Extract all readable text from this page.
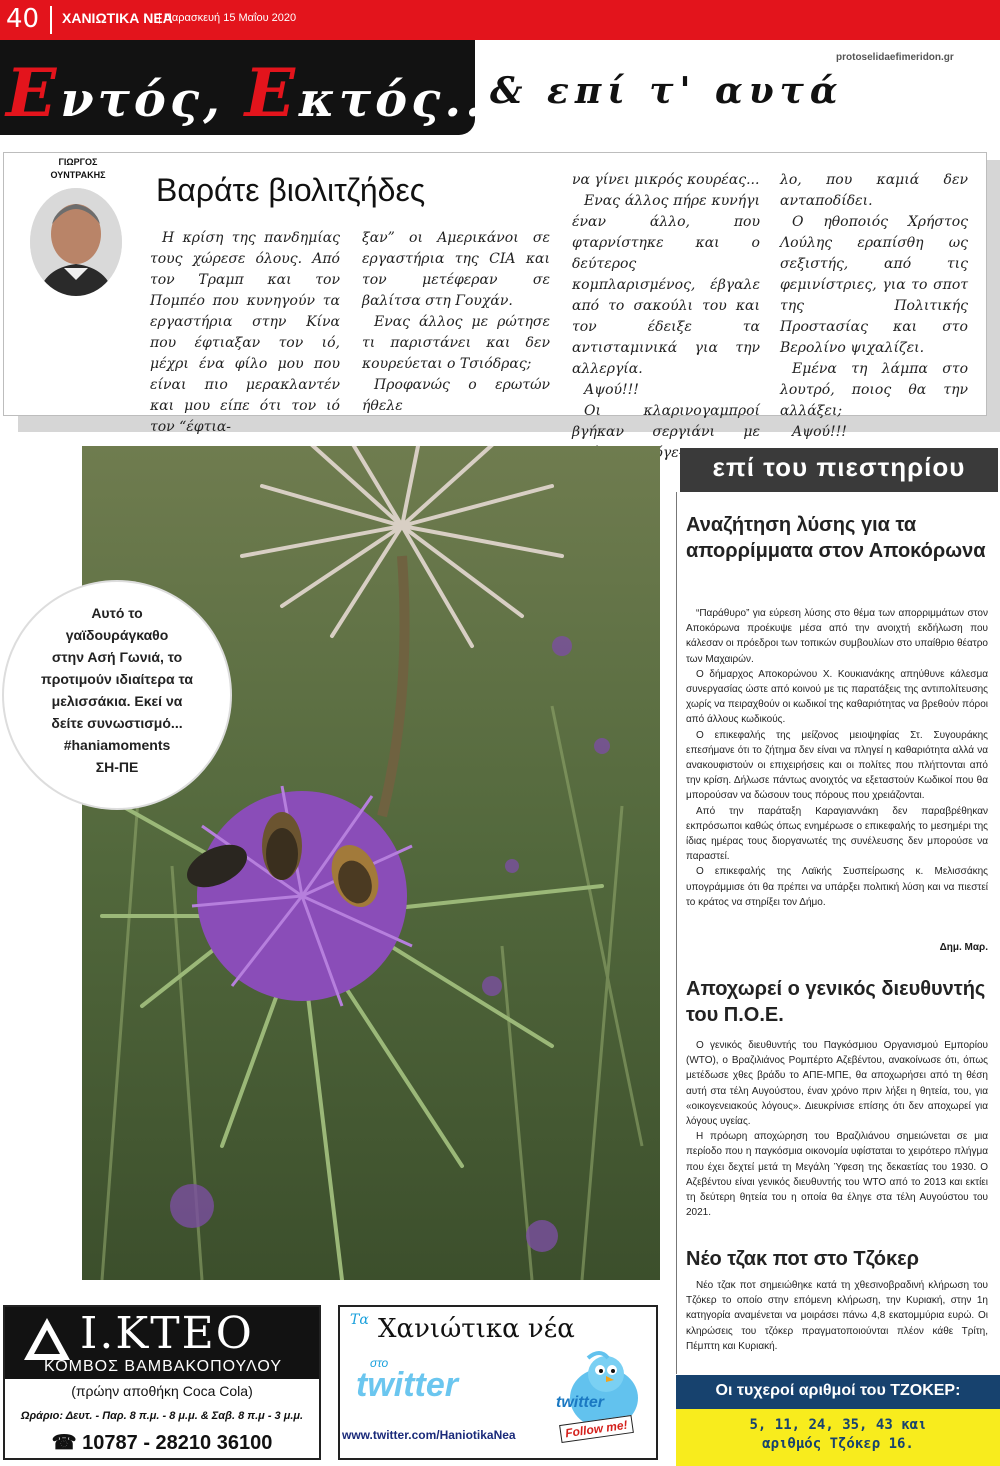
40 ΧΑΝΙΩΤΙΚΑ ΝΕΑ
| Παρασκευή 15 Μαΐου 2020
protoselidaefimeridon.gr
Εντός, Εκτός...
& επί τ' αυτά
ΓΙΩΡΓΟΣ ΟΥΝΤΡΑΚΗΣ	Βαράτε βιολιτζήδες

Η κρίση της πανδημίας τους χώρεσε όλους. Από τον Τραμπ και τον Πομπέο που κυνηγούν τα εργαστήρια στην Κίνα που έφτιαξαν τον ιό, μέχρι ένα φίλο μου που είναι πιο μερακλαντέν και μου είπε ότι τον ιό τον “έφτια-

ξαν” οι Αμερικάνοι σε εργαστήρια της CIA και τον μετέφεραν σε βαλίτσα στη Γουχάν.

Ενας άλλος με ρώτησε τι παριστάνει και δεν κουρεύεται ο Τσιόδρας;

Προφανώς ο ερωτών ήθελε

να γίνει μικρός κουρέας...

Ενας άλλος πήρε κυνήγι έναν άλλο, που φταρνίστηκε και ο δεύτερος κομπλαρισμένος, έβγαλε από το σακούλι του και τον έδειξε τα αντισταμινικά για την αλλεργία.

Αψού!!!

Οι κλαρινογαμπροί βγήκαν σεργιάνι με

λο, που καμιά δεν ανταποδίδει.

Ο ηθοποιός Χρήστος Λούλης εραπίσθη ως σεξιστής, από τις φεμινίστριες, για το σποτ της Πολιτικής Προστασίας και στο Βερολίνο ψιχαλίζει.

Εμένα τη λάμπα στο λουτρό, ποιος θα την αλλάξει;

Αψού!!!

Αυτό το
γαϊδουράγκαθο
στην Ασή Γωνιά, το
προτιμούν ιδιαίτερα τα
μελισσάκια. Εκεί να
δείτε συνωστισμό...
#haniamoments
ΣΗ-ΠΕ
επί του πιεστηρίου
Αναζήτηση λύσης για τα απορρίμματα στον Αποκόρωνα

“Παράθυρο” για εύρεση λύσης στο θέμα των απορριμμάτων στον Αποκόρωνα προέκυψε μέσα από την ανοιχτή εκδήλωση που κάλεσαν οι πρόεδροι των τοπικών συμβουλίων στο υπαίθριο θέατρο των Μαχαιρών.

Ο δήμαρχος Αποκορώνου Χ. Κουκιανάκης απηύθυνε κάλεσμα συνεργασίας ώστε από κοινού με τις παρατάξεις της αντιπολίτευσης χωρίς να πειραχθούν οι κωδικοί της καθαριότητας να βρεθούν πόροι από άλλους κωδικούς.

Ο επικεφαλής της μείζονος μειοψηφίας Στ. Συγουράκης επεσήμανε ότι το ζήτημα δεν είναι να πληγεί η καθαριότητα αλλά να ανακουφιστούν οι επιχειρήσεις και οι πολίτες που πλήττονται από την κρίση. Δήλωσε πάντως ανοιχτός να εξεταστούν Κωδικοί που θα μπορούσαν να δώσουν τους πόρους που χρειάζονται.

Από την παράταξη Καραγιαννάκη δεν παραβρέθηκαν εκπρόσωποι καθώς όπως ενημέρωσε ο επικεφαλής το μεσημέρι της ίδιας ημέρας τους διοργανωτές της συνέλευσης δεν μπορούσε να παραστεί.

Ο επικεφαλής της Λαϊκής Συσπείρωσης κ. Μελισσάκης υπογράμμισε ότι θα πρέπει να υπάρξει πολιτική λύση και να πιεστεί το κράτος να στηρίξει τον Δήμο.

Δημ. Μαρ.
Αποχωρεί ο γενικός διευθυντής του Π.Ο.Ε.

Ο γενικός διευθυντής του Παγκόσμιου Οργανισμού Εμπορίου (WTO), ο Βραζιλιάνος Ρομπέρτο Αζεβέντου, ανακοίνωσε ότι, όπως μετέδωσε χθες βράδυ το ΑΠΕ-ΜΠΕ, θα αποχωρήσει από τη θέση αυτή στα τέλη Αυγούστου, έναν χρόνο πριν λήξει η θητεία, του, για «οικογενειακούς λόγους». Διευκρίνισε επίσης ότι δεν αποχωρεί για λόγους υγείας.

Η πρόωρη αποχώρηση του Βραζιλιάνου σημειώνεται σε μια περίοδο που η παγκόσμια οικονομία υφίσταται το χειρότερο πλήγμα που έχει δεχτεί μετά τη Μεγάλη Ύφεση της δεκαετίας του 1930. Ο Αζεβέντου είναι γενικός διευθυντής του WTO από το 2013 και εκτίει τη δεύτερη θητεία του η οποία θα έληγε στα τέλη Αυγούστου του 2021.

Νέο τζακ ποτ στο Τζόκερ

Νέο τζακ ποτ σημειώθηκε κατά τη χθεσινοβραδινή κλήρωση του Τζόκερ το οποίο στην επόμενη κλήρωση, την Κυριακή, στην 1η κατηγορία αναμένεται να μοιράσει πάνω 4,8 εκατομμύρια ευρώ. Οι κληρώσεις του τζόκερ πραγματοποιούνται πλέον κάθε Τρίτη, Πέμπτη και Κυριακή.

Οι τυχεροί αριθμοί του ΤΖΟΚΕΡ:
5, 11, 24, 35, 43 και
αριθμός Τζόκερ 16.
Ι.ΚΤΕΟ
ΚΟΜΒΟΣ ΒΑΜΒΑΚΟΠΟΥΛΟΥ
(πρώην αποθήκη Coca Cola)
Ωράριο: Δευτ. - Παρ. 8 π.μ. - 8 μ.μ. & Σαβ. 8 π.μ - 3 μ.μ.
☎ 10787 - 28210 36100
Τα Χανιώτικα νέα
στο
twitter	twitter
Follow me!
www.twitter.com/HaniotikaNea
